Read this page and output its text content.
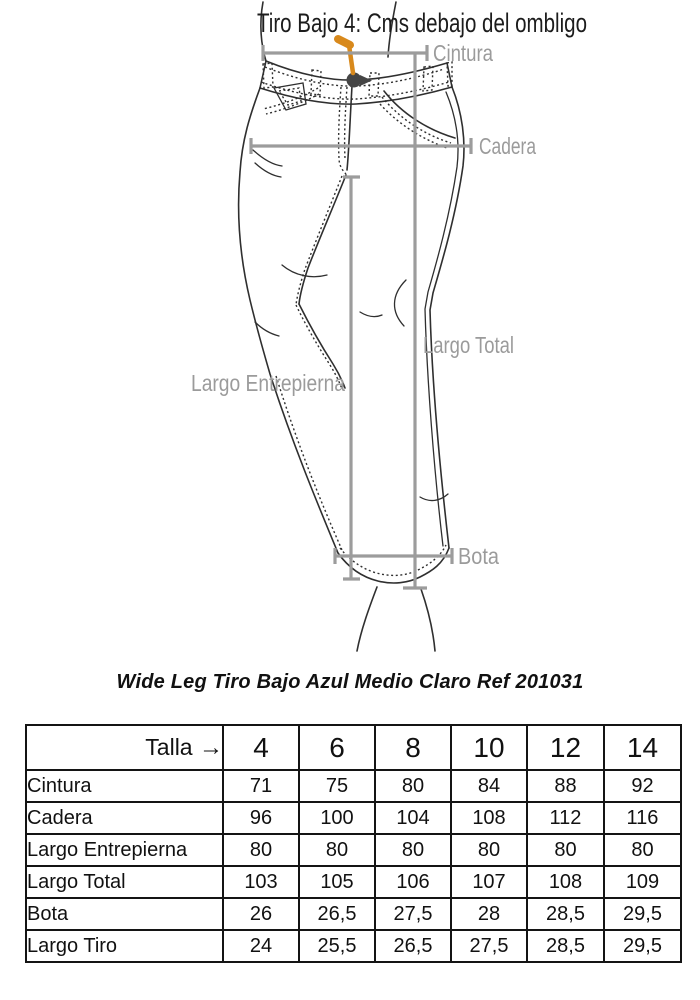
Tiro Bajo 4: Cms debajo del ombligo
Cintura
Cadera
Largo Total
Largo Entrepierna
Bota
Wide Leg Tiro Bajo Azul Medio Claro Ref 201031
Talla →	4	6	8	10	12	14
Cintura	71	75	80	84	88	92
Cadera	96	100	104	108	112	116
Largo Entrepierna	80	80	80	80	80	80
Largo Total	103	105	106	107	108	109
Bota	26	26,5	27,5	28	28,5	29,5
Largo Tiro	24	25,5	26,5	27,5	28,5	29,5
